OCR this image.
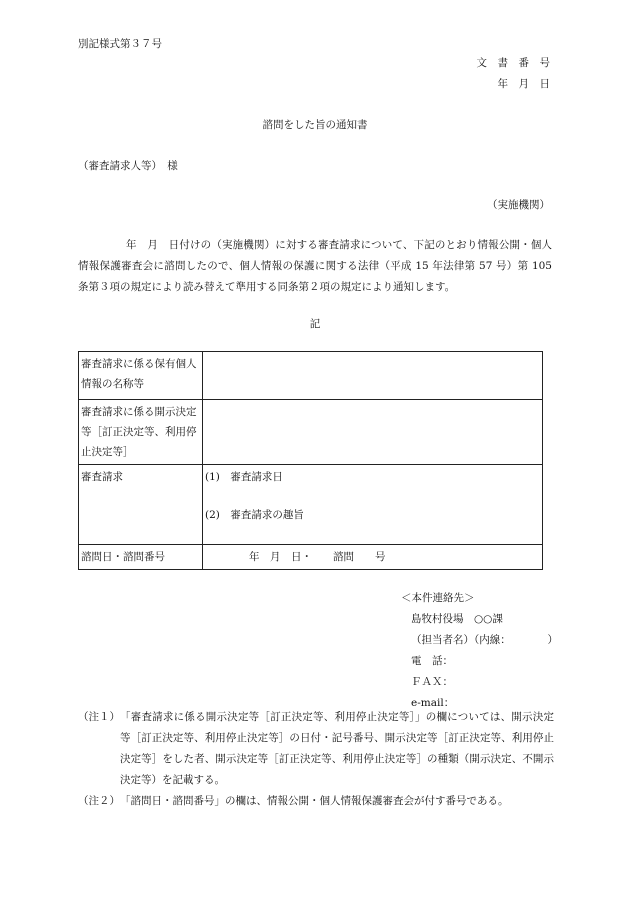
別記様式第３７号
文　書　番　号
年　月　日
諮問をした旨の通知書
（審査請求人等）　様
（実施機関）
年　月　日付けの（実施機関）に対する審査請求について、下記のとおり情報公開・個人情報保護審査会に諮問したので、個人情報の保護に関する法律（平成 15 年法律第 57 号）第 105 条第３項の規定により読み替えて準用する同条第２項の規定により通知します。
記
審査請求に係る保有個人情報の名称等	
審査請求に係る開示決定等［訂正決定等、利用停止決定等］	
審査請求	(1)　審査請求日
(2)　審査請求の趣旨

諮問日・諮問番号	年　月　日・　　諮問　　号
＜本件連絡先＞
島牧村役場　○○課
（担当者名）（内線：　　　　）
電　話：
ＦＡＸ：
e-mail：
（注１） 「審査請求に係る開示決定等［訂正決定等、利用停止決定等］」の欄については、開示決定等［訂正決定等、利用停止決定等］の日付・記号番号、開示決定等［訂正決定等、利用停止決定等］をした者、開示決定等［訂正決定等、利用停止決定等］の種類（開示決定、不開示決定等）を記載する。
（注２） 「諮問日・諮問番号」の欄は、情報公開・個人情報保護審査会が付す番号である。
